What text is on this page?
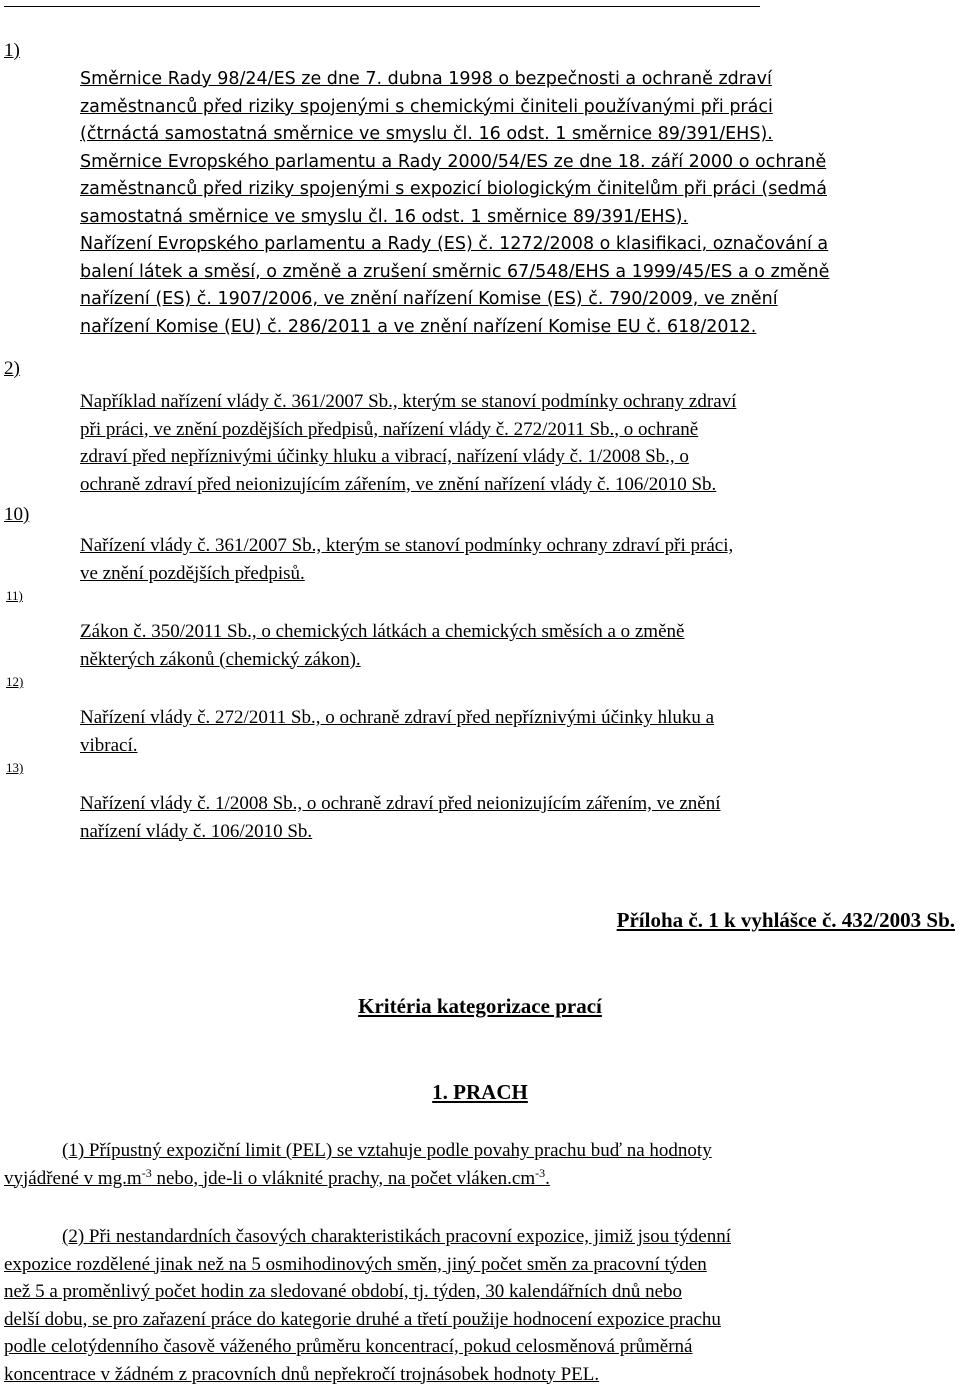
1)
2)
10)
11)
12)
13)
Směrnice Rady 98/24/ES ze dne 7. dubna 1998 o bezpečnosti a ochraně zdraví
zaměstnanců před riziky spojenými s chemickými činiteli používanými při práci
(čtrnáctá samostatná směrnice ve smyslu čl. 16 odst. 1 směrnice 89/391/EHS).
Směrnice Evropského parlamentu a Rady 2000/54/ES ze dne 18. září 2000 o ochraně
zaměstnanců před riziky spojenými s expozicí biologickým činitelům při práci (sedmá
samostatná směrnice ve smyslu čl. 16 odst. 1 směrnice 89/391/EHS).
Nařízení Evropského parlamentu a Rady (ES) č. 1272/2008 o klasifikaci, označování a
balení látek a směsí, o změně a zrušení směrnic 67/548/EHS a 1999/45/ES a o změně
nařízení (ES) č. 1907/2006, ve znění nařízení Komise (ES) č. 790/2009, ve znění
nařízení Komise (EU) č. 286/2011 a ve znění nařízení Komise EU č. 618/2012.
Například nařízení vlády č. 361/2007 Sb., kterým se stanoví podmínky ochrany zdraví
při práci, ve znění pozdějších předpisů, nařízení vlády č. 272/2011 Sb., o ochraně
zdraví před nepříznivými účinky hluku a vibrací, nařízení vlády č. 1/2008 Sb., o
ochraně zdraví před neionizujícím zářením, ve znění nařízení vlády č. 106/2010 Sb.
Nařízení vlády č. 361/2007 Sb., kterým se stanoví podmínky ochrany zdraví při práci,
ve znění pozdějších předpisů.
Zákon č. 350/2011 Sb., o chemických látkách a chemických směsích a o změně
některých zákonů (chemický zákon).
Nařízení vlády č. 272/2011 Sb., o ochraně zdraví před nepříznivými účinky hluku a
vibrací.
Nařízení vlády č. 1/2008 Sb., o ochraně zdraví před neionizujícím zářením, ve znění
nařízení vlády č. 106/2010 Sb.
Příloha č. 1 k vyhlášce č. 432/2003 Sb.
Kritéria kategorizace prací
1. PRACH
(1) Přípustný expoziční limit (PEL) se vztahuje podle povahy prachu buď na hodnoty
vyjádřené v $mg.m^{-3}$ nebo, jde-li o vláknité prachy, na počet $vláken.cm^{-3}$.
(2) Při nestandardních časových charakteristikách pracovní expozice, jimiž jsou týdenní
expozice rozdělené jinak než na 5 osmihodinových směn, jiný počet směn za pracovní týden
než 5 a proměnlivý počet hodin za sledované období, tj. týden, 30 kalendářních dnů nebo
delší dobu, se pro zařazení práce do kategorie druhé a třetí použije hodnocení expozice prachu
podle celotýdenního časově váženého průměru koncentrací, pokud celosměnová průměrná
koncentrace v žádném z pracovních dnů nepřekročí trojnásobek hodnoty PEL.
